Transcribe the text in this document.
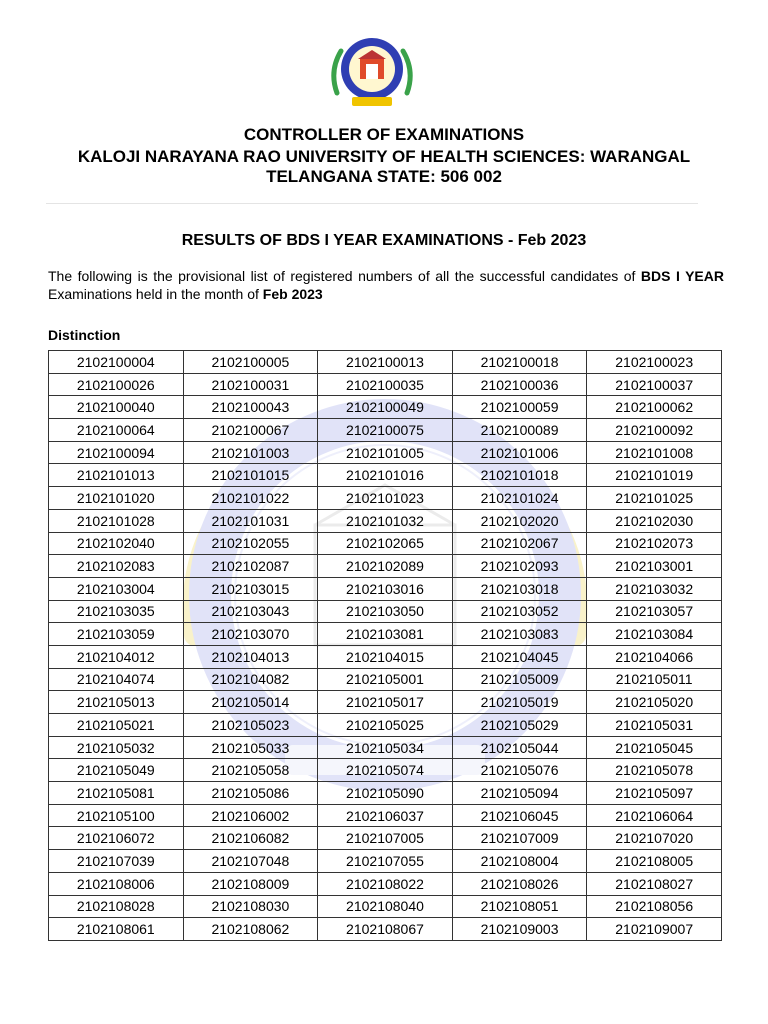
CONTROLLER OF EXAMINATIONS
KALOJI NARAYANA RAO UNIVERSITY OF HEALTH SCIENCES: WARANGAL
TELANGANA STATE: 506 002
RESULTS OF BDS I YEAR EXAMINATIONS - Feb 2023
The following is the provisional list of registered numbers of all the successful candidates of BDS I YEAR Examinations held in the month of Feb 2023
Distinction
2102100004	2102100005	2102100013	2102100018	2102100023
2102100026	2102100031	2102100035	2102100036	2102100037
2102100040	2102100043	2102100049	2102100059	2102100062
2102100064	2102100067	2102100075	2102100089	2102100092
2102100094	2102101003	2102101005	2102101006	2102101008
2102101013	2102101015	2102101016	2102101018	2102101019
2102101020	2102101022	2102101023	2102101024	2102101025
2102101028	2102101031	2102101032	2102102020	2102102030
2102102040	2102102055	2102102065	2102102067	2102102073
2102102083	2102102087	2102102089	2102102093	2102103001
2102103004	2102103015	2102103016	2102103018	2102103032
2102103035	2102103043	2102103050	2102103052	2102103057
2102103059	2102103070	2102103081	2102103083	2102103084
2102104012	2102104013	2102104015	2102104045	2102104066
2102104074	2102104082	2102105001	2102105009	2102105011
2102105013	2102105014	2102105017	2102105019	2102105020
2102105021	2102105023	2102105025	2102105029	2102105031
2102105032	2102105033	2102105034	2102105044	2102105045
2102105049	2102105058	2102105074	2102105076	2102105078
2102105081	2102105086	2102105090	2102105094	2102105097
2102105100	2102106002	2102106037	2102106045	2102106064
2102106072	2102106082	2102107005	2102107009	2102107020
2102107039	2102107048	2102107055	2102108004	2102108005
2102108006	2102108009	2102108022	2102108026	2102108027
2102108028	2102108030	2102108040	2102108051	2102108056
2102108061	2102108062	2102108067	2102109003	2102109007
